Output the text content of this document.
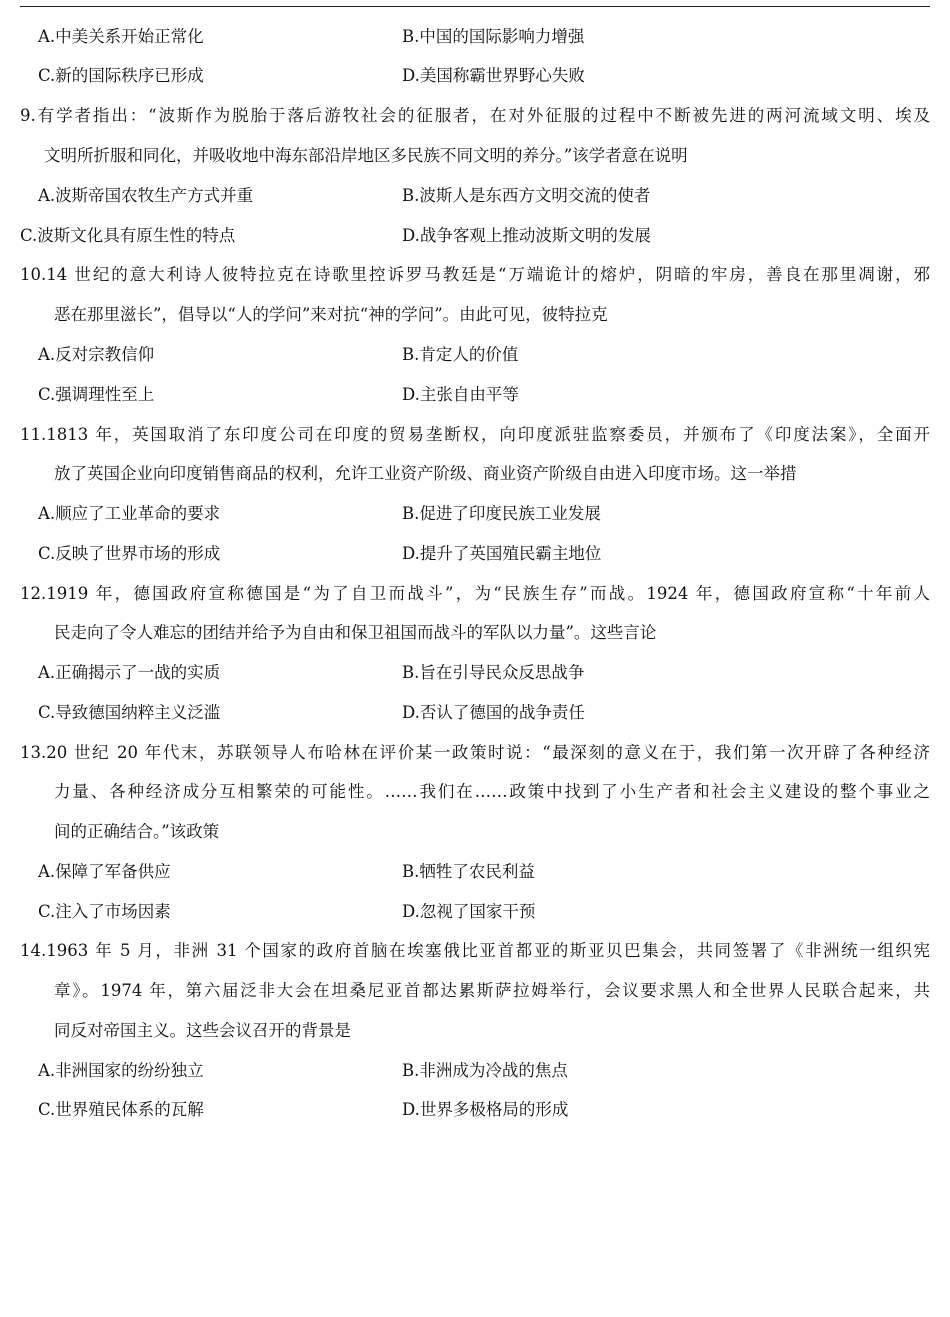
A.中美关系开始正常化	B.中国的国际影响力增强
C.新的国际秩序已形成	D.美国称霸世界野心失败
9.有学者指出：“波斯作为脱胎于落后游牧社会的征服者，在对外征服的过程中不断被先进的两河流域文明、埃及
文明所折服和同化，并吸收地中海东部沿岸地区多民族不同文明的养分。”该学者意在说明
A.波斯帝国农牧生产方式并重	B.波斯人是东西方文明交流的使者
C.波斯文化具有原生性的特点	D.战争客观上推动波斯文明的发展
10.14 世纪的意大利诗人彼特拉克在诗歌里控诉罗马教廷是“万端诡计的熔炉，阴暗的牢房，善良在那里凋谢，邪
恶在那里滋长”，倡导以“人的学问”来对抗“神的学问”。由此可见，彼特拉克
A.反对宗教信仰	B.肯定人的价值
C.强调理性至上	D.主张自由平等
11.1813 年，英国取消了东印度公司在印度的贸易垄断权，向印度派驻监察委员，并颁布了《印度法案》，全面开
放了英国企业向印度销售商品的权利，允许工业资产阶级、商业资产阶级自由进入印度市场。这一举措
A.顺应了工业革命的要求	B.促进了印度民族工业发展
C.反映了世界市场的形成	D.提升了英国殖民霸主地位
12.1919 年，德国政府宣称德国是“为了自卫而战斗”，为“民族生存”而战。1924 年，德国政府宣称“十年前人
民走向了令人难忘的团结并给予为自由和保卫祖国而战斗的军队以力量”。这些言论
A.正确揭示了一战的实质	B.旨在引导民众反思战争
C.导致德国纳粹主义泛滥	D.否认了德国的战争责任
13.20 世纪 20 年代末，苏联领导人布哈林在评价某一政策时说：“最深刻的意义在于，我们第一次开辟了各种经济
力量、各种经济成分互相繁荣的可能性。……我们在……政策中找到了小生产者和社会主义建设的整个事业之
间的正确结合。”该政策
A.保障了军备供应	B.牺牲了农民利益
C.注入了市场因素	D.忽视了国家干预
14.1963 年 5 月，非洲 31 个国家的政府首脑在埃塞俄比亚首都亚的斯亚贝巴集会，共同签署了《非洲统一组织宪
章》。1974 年，第六届泛非大会在坦桑尼亚首都达累斯萨拉姆举行，会议要求黑人和全世界人民联合起来，共
同反对帝国主义。这些会议召开的背景是
A.非洲国家的纷纷独立	B.非洲成为冷战的焦点
C.世界殖民体系的瓦解	D.世界多极格局的形成
